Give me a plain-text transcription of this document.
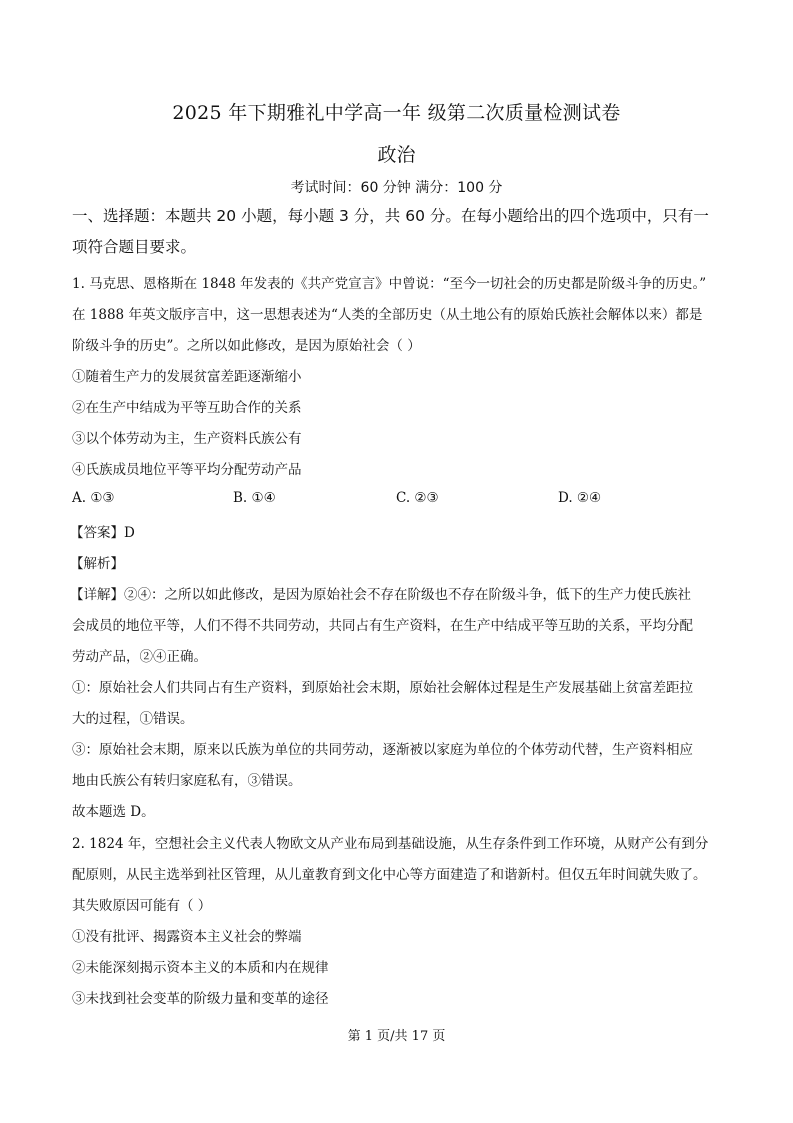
2025 年下期雅礼中学高一年 级第二次质量检测试卷
政治
考试时间：60 分钟 满分：100 分
一、选择题：本题共 20 小题，每小题 3 分，共 60 分。在每小题给出的四个选项中，只有一
项符合题目要求。
1. 马克思、恩格斯在 1848 年发表的《共产党宣言》中曾说：“至今一切社会的历史都是阶级斗争的历史。”
在 1888 年英文版序言中，这一思想表述为“人类的全部历史（从土地公有的原始氏族社会解体以来）都是
阶级斗争的历史”。之所以如此修改，是因为原始社会（ ）
①随着生产力的发展贫富差距逐渐缩小
②在生产中结成为平等互助合作的关系
③以个体劳动为主，生产资料氏族公有
④氏族成员地位平等平均分配劳动产品
A. ①③	B. ①④	C. ②③	D. ②④
【答案】D
【解析】
【详解】②④：之所以如此修改，是因为原始社会不存在阶级也不存在阶级斗争，低下的生产力使氏族社
会成员的地位平等，人们不得不共同劳动，共同占有生产资料，在生产中结成平等互助的关系，平均分配
劳动产品，②④正确。
①：原始社会人们共同占有生产资料，到原始社会末期，原始社会解体过程是生产发展基础上贫富差距拉
大的过程，①错误。
③：原始社会末期，原来以氏族为单位的共同劳动，逐渐被以家庭为单位的个体劳动代替，生产资料相应
地由氏族公有转归家庭私有，③错误。
故本题选 D。
2. 1824 年，空想社会主义代表人物欧文从产业布局到基础设施，从生存条件到工作环境，从财产公有到分
配原则，从民主选举到社区管理，从儿童教育到文化中心等方面建造了和谐新村。但仅五年时间就失败了。
其失败原因可能有（ ）
①没有批评、揭露资本主义社会的弊端
②未能深刻揭示资本主义的本质和内在规律
③未找到社会变革的阶级力量和变革的途径
第 1 页/共 17 页
